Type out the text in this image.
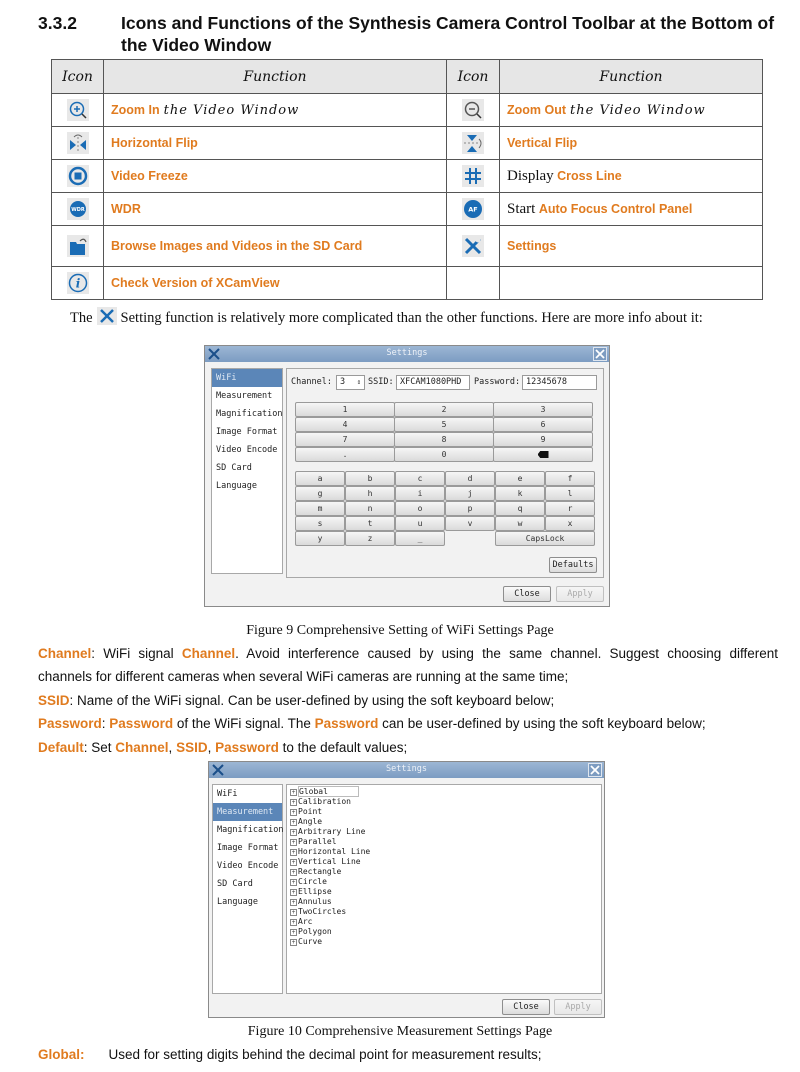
3.3.2	Icons and Functions of the Synthesis Camera Control Toolbar at the Bottom of the Video Window
Icon	Function	Icon	Function

	Zoom In the Video Window		Zoom Out the Video Window

	Horizontal Flip		Vertical Flip

	Video Freeze		Display Cross Line

WDR	WDR	AF	Start Auto Focus Control Panel

	Browse Images and Videos in the SD Card		Settings

i	Check Version of XCamView		
The Setting function is relatively more complicated than the other functions. Here are more info about it:
Settings
WiFi
Measurement
Magnification
Image Format
Video Encode
SD Card
Language
Channel: 3 ⇕ SSID: XFCAM1080PHD	Password: 12345678
1	2	3
4	5	6
7	8	9
.	0
a	b	c	d	e	f
g	h	i	j	k	l
m	n	o	p	q	r
s	t	u	v	w	x
y	z	_	CapsLock
Defaults
Close	Apply
Figure 9 Comprehensive Setting of WiFi Settings Page
Channel: WiFi signal Channel. Avoid interference caused by using the same channel. Suggest choosing different
channels for different cameras when several WiFi cameras are running at the same time;
SSID: Name of the WiFi signal. Can be user-defined by using the soft keyboard below;
Password: Password of the WiFi signal. The Password can be user-defined by using the soft keyboard below;
Default: Set Channel, SSID, Password to the default values;
Settings
WiFi
Measurement
Magnification
Image Format
Video Encode
SD Card
Language
+ Global
+ Calibration
+ Point
+ Angle
+ Arbitrary Line
+ Parallel
+ Horizontal Line
+ Vertical Line
+ Rectangle
+ Circle
+ Ellipse
+ Annulus
+ TwoCircles
+ Arc
+ Polygon
+ Curve
Close	Apply
Figure 10 Comprehensive Measurement Settings Page
Global: Used for setting digits behind the decimal point for measurement results;
